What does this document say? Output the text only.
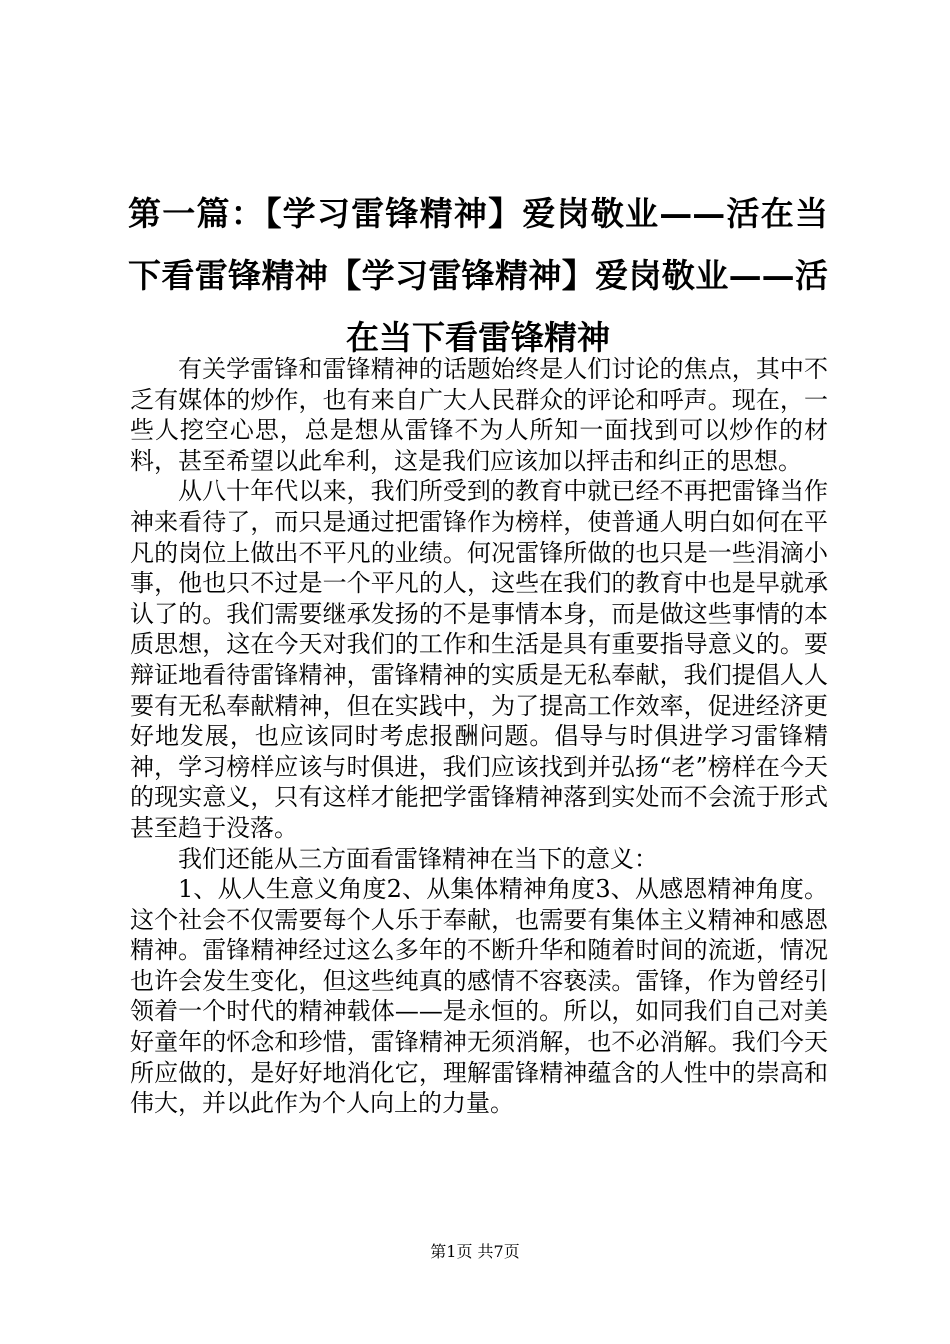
第一篇：【学习雷锋精神】爱岗敬业——活在当下看雷锋精神【学习雷锋精神】爱岗敬业——活在当下看雷锋精神

有关学雷锋和雷锋精神的话题始终是人们讨论的焦点，其中不乏有媒体的炒作，也有来自广大人民群众的评论和呼声。现在，一些人挖空心思，总是想从雷锋不为人所知一面找到可以炒作的材料，甚至希望以此牟利，这是我们应该加以抨击和纠正的思想。

从八十年代以来，我们所受到的教育中就已经不再把雷锋当作神来看待了，而只是通过把雷锋作为榜样，使普通人明白如何在平凡的岗位上做出不平凡的业绩。何况雷锋所做的也只是一些涓滴小事，他也只不过是一个平凡的人，这些在我们的教育中也是早就承认了的。我们需要继承发扬的不是事情本身，而是做这些事情的本质思想，这在今天对我们的工作和生活是具有重要指导意义的。要辩证地看待雷锋精神，雷锋精神的实质是无私奉献，我们提倡人人要有无私奉献精神，但在实践中，为了提高工作效率，促进经济更好地发展，也应该同时考虑报酬问题。倡导与时俱进学习雷锋精神，学习榜样应该与时俱进，我们应该找到并弘扬“老”榜样在今天的现实意义，只有这样才能把学雷锋精神落到实处而不会流于形式甚至趋于没落。

我们还能从三方面看雷锋精神在当下的意义：

1、从人生意义角度2、从集体精神角度3、从感恩精神角度。这个社会不仅需要每个人乐于奉献，也需要有集体主义精神和感恩精神。雷锋精神经过这么多年的不断升华和随着时间的流逝，情况也许会发生变化，但这些纯真的感情不容亵渎。雷锋，作为曾经引领着一个时代的精神载体——是永恒的。所以，如同我们自己对美好童年的怀念和珍惜，雷锋精神无须消解，也不必消解。我们今天所应做的，是好好地消化它，理解雷锋精神蕴含的人性中的崇高和伟大，并以此作为个人向上的力量。

第1页 共7页
